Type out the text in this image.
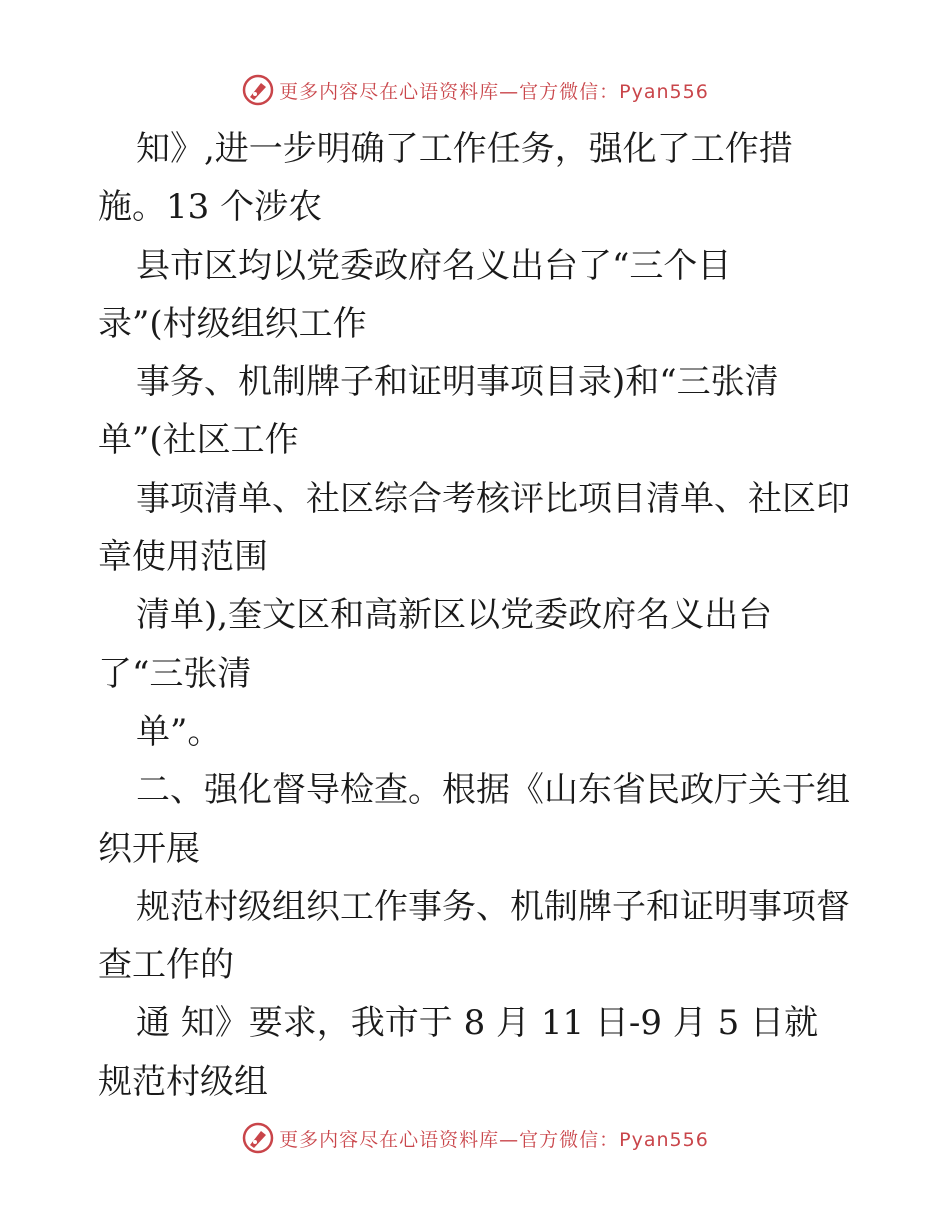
更多内容尽在心语资料库—官方微信：Pyan556
知》,进一步明确了工作任务，强化了工作措
施。13 个涉农
县市区均以党委政府名义出台了“三个目
录”(村级组织工作
事务、机制牌子和证明事项目录)和“三张清
单”(社区工作
事项清单、社区综合考核评比项目清单、社区印
章使用范围
清单),奎文区和高新区以党委政府名义出台
了“三张清
单”。
二、强化督导检查。根据《山东省民政厅关于组
织开展
规范村级组织工作事务、机制牌子和证明事项督
查工作的
通 知》要求，我市于 8 月 11 日-9 月 5 日就
规范村级组
更多内容尽在心语资料库—官方微信：Pyan556
